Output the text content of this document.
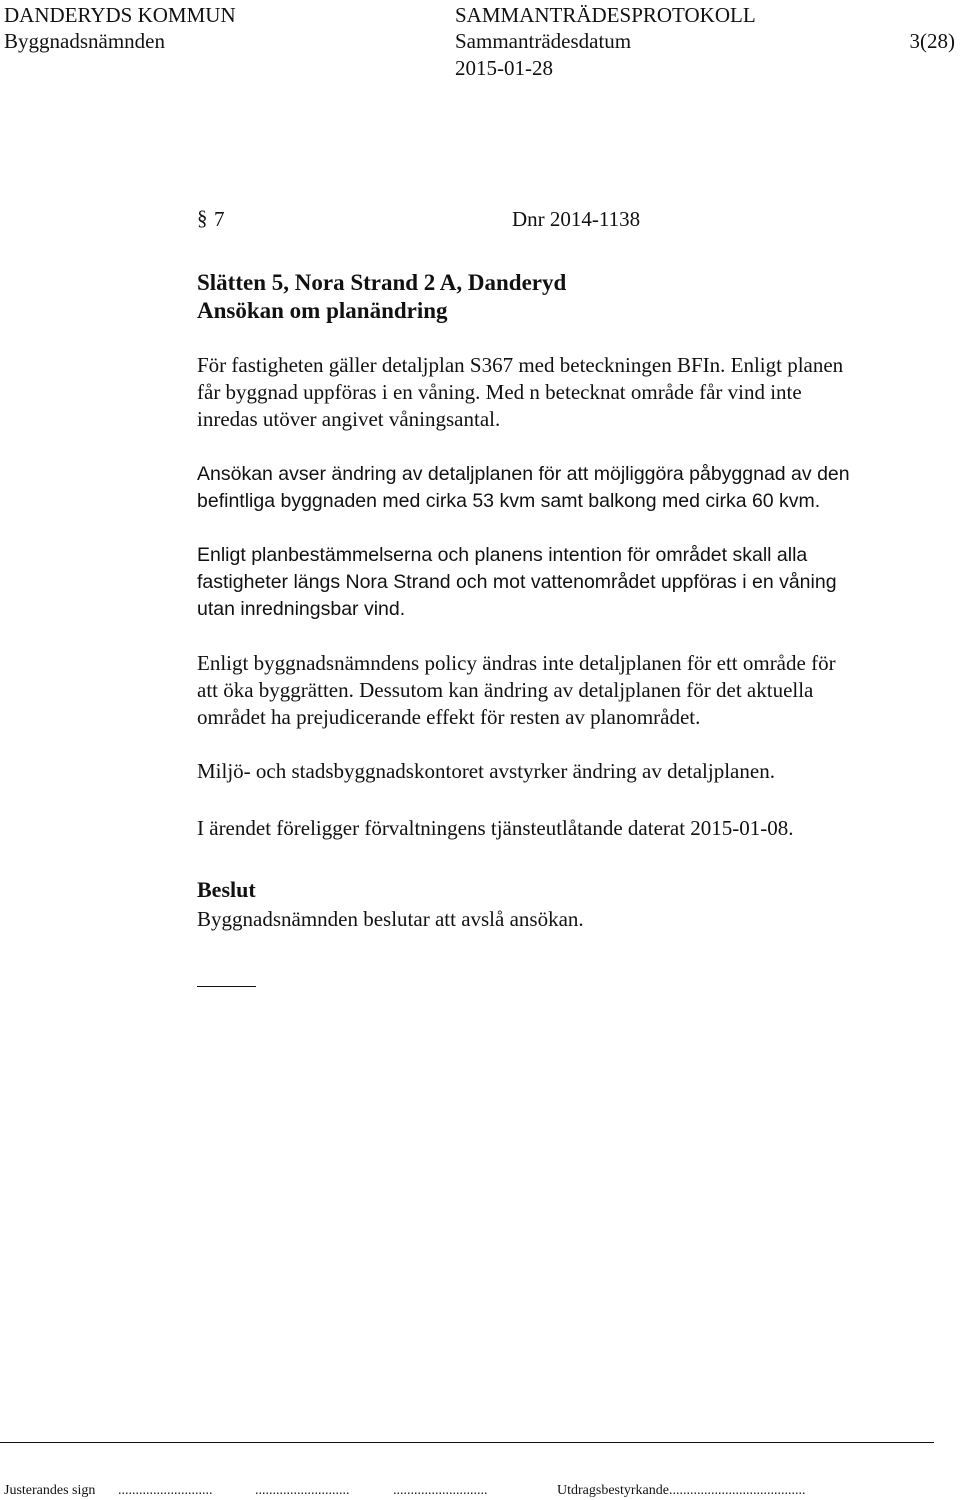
DANDERYDS KOMMUN
Byggnadsnämnden
SAMMANTRÄDESPROTOKOLL
Sammanträdesdatum
2015-01-28
3(28)
§ 7	Dnr 2014-1138
Slätten 5, Nora Strand 2 A, Danderyd
Ansökan om planändring
För fastigheten gäller detaljplan S367 med beteckningen BFIn. Enligt planen
får byggnad uppföras i en våning. Med n betecknat område får vind inte
inredas utöver angivet våningsantal.
Ansökan avser ändring av detaljplanen för att möjliggöra påbyggnad av den
befintliga byggnaden med cirka 53 kvm samt balkong med cirka 60 kvm.
Enligt planbestämmelserna och planens intention för området skall alla
fastigheter längs Nora Strand och mot vattenområdet uppföras i en våning
utan inredningsbar vind.
Enligt byggnadsnämndens policy ändras inte detaljplanen för ett område för
att öka byggrätten. Dessutom kan ändring av detaljplanen för det aktuella
området ha prejudicerande effekt för resten av planområdet.
Miljö- och stadsbyggnadskontoret avstyrker ändring av detaljplanen.
I ärendet föreligger förvaltningens tjänsteutlåtande daterat 2015-01-08.
Beslut
Byggnadsnämnden beslutar att avslå ansökan.
Justerandes sign ...........................	...........................	...........................	Utdragsbestyrkande.......................................
